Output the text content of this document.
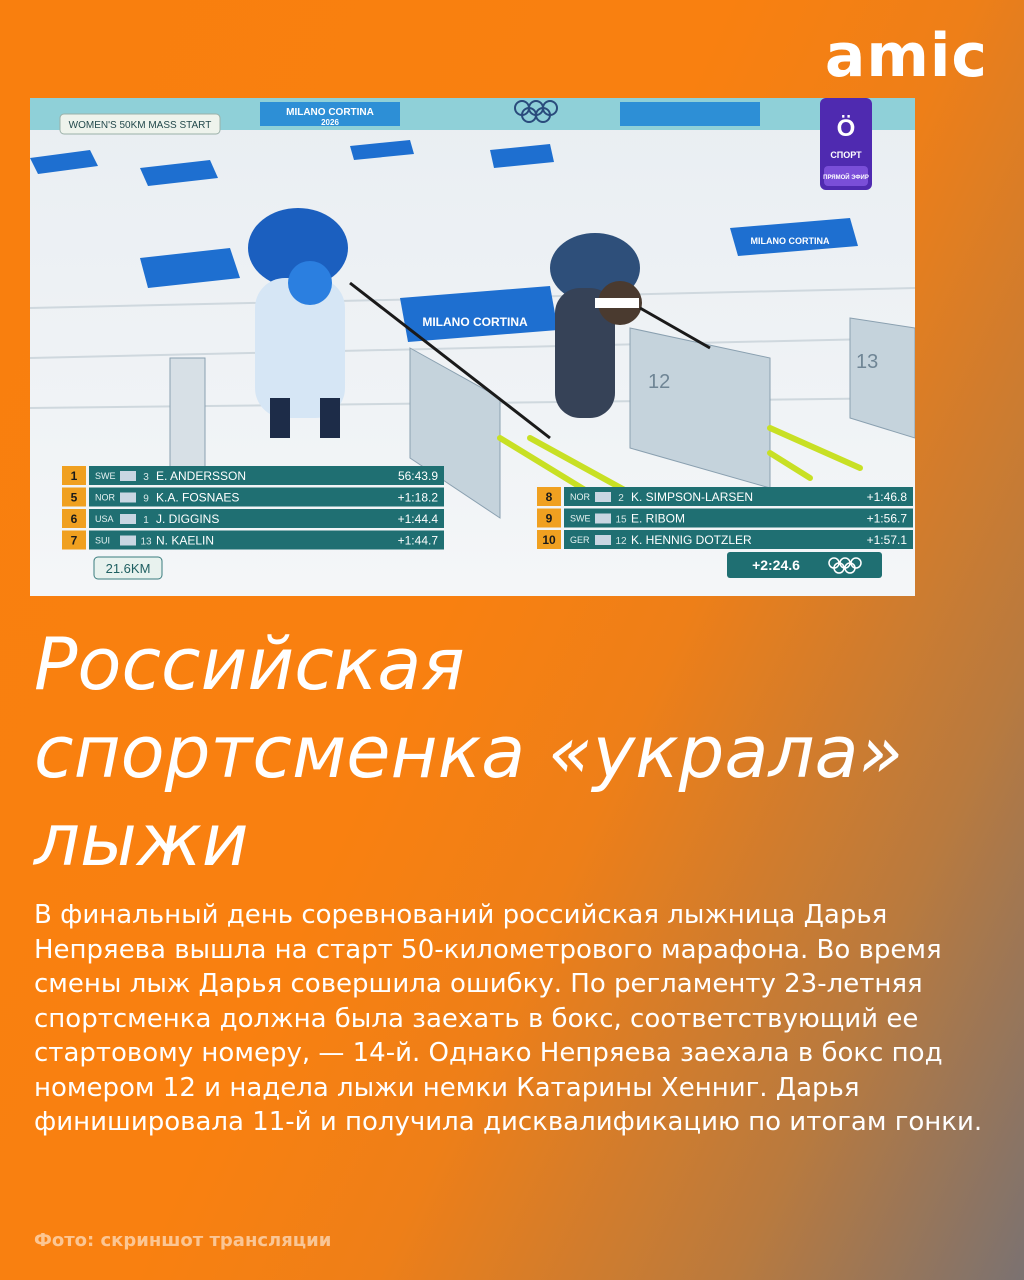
amic
MILANO CORTINA
2026
MILANO CORTINA
MILANO CORTINA
12
13
WOMEN'S 50KM MASS START	Ö
СПОРТ
ПРЯМОЙ ЭФИР
1 SWE	3 E. ANDERSSON	56:43.9
5 NOR	9 K.A. FOSNAES	+1:18.2
6 USA	1 J. DIGGINS	+1:44.4
7 SUI	13 N. KAELIN	+1:44.7
8 NOR	2 K. SIMPSON-LARSEN	+1:46.8
9 SWE 15 E. RIBOM	+1:56.7
10 GER	12 K. HENNIG DOTZLER	+1:57.1
21.6KM	+2:24.6
Российская
спортсменка «украла»
лыжи
В финальный день соревнований российская лыжница Дарья Непряева вышла на старт 50-километрового марафона. Во время смены лыж Дарья совершила ошибку. По регламенту 23-летняя спортсменка должна была заехать в бокс, соответствующий ее стартовому номеру, — 14-й. Однако Непряева заехала в бокс под номером 12 и надела лыжи немки Катарины Хенниг. Дарья финишировала 11-й и получила дисквалификацию по итогам гонки.
Фото: скриншот трансляции
